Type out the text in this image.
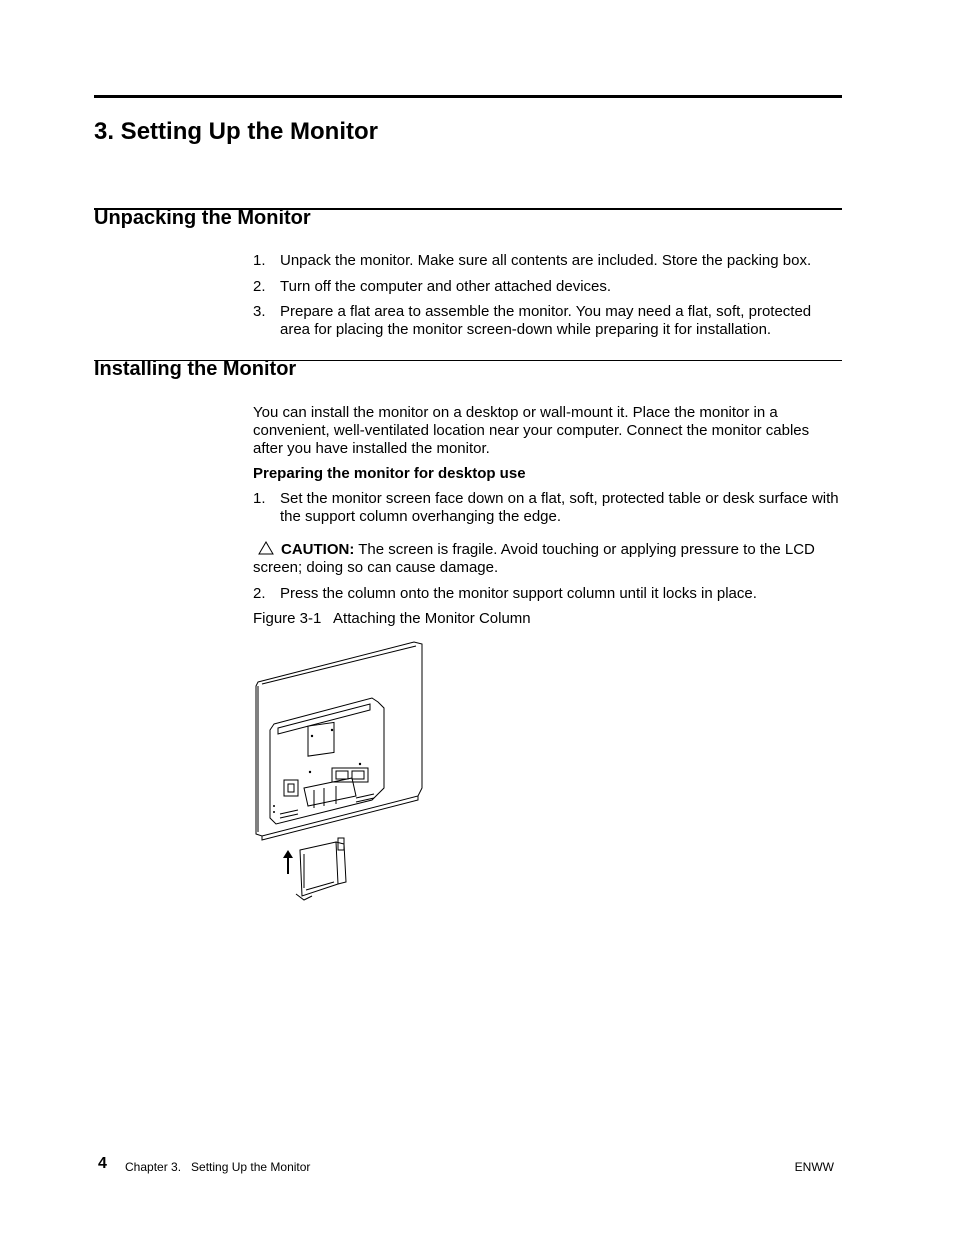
3. Setting Up the Monitor
Unpacking the Monitor
1. Unpack the monitor. Make sure all contents are included. Store the packing box.
2. Turn off the computer and other attached devices.
3. Prepare a flat area to assemble the monitor. You may need a flat, soft, protected area for placing the monitor screen-down while preparing it for installation.
Installing the Monitor

You can install the monitor on a desktop or wall-mount it. Place the monitor in a convenient, well-ventilated location near your computer. Connect the monitor cables after you have installed the monitor.

Preparing the monitor for desktop use

1. Set the monitor screen face down on a flat, soft, protected table or desk surface with the support column overhanging the edge.

CAUTION: The screen is fragile. Avoid touching or applying pressure to the LCD screen; doing so can cause damage.

2. Press the column onto the monitor support column until it locks in place.

Figure 3-1   Attaching the Monitor Column

4 Chapter 3.   Setting Up the Monitor	ENWW
